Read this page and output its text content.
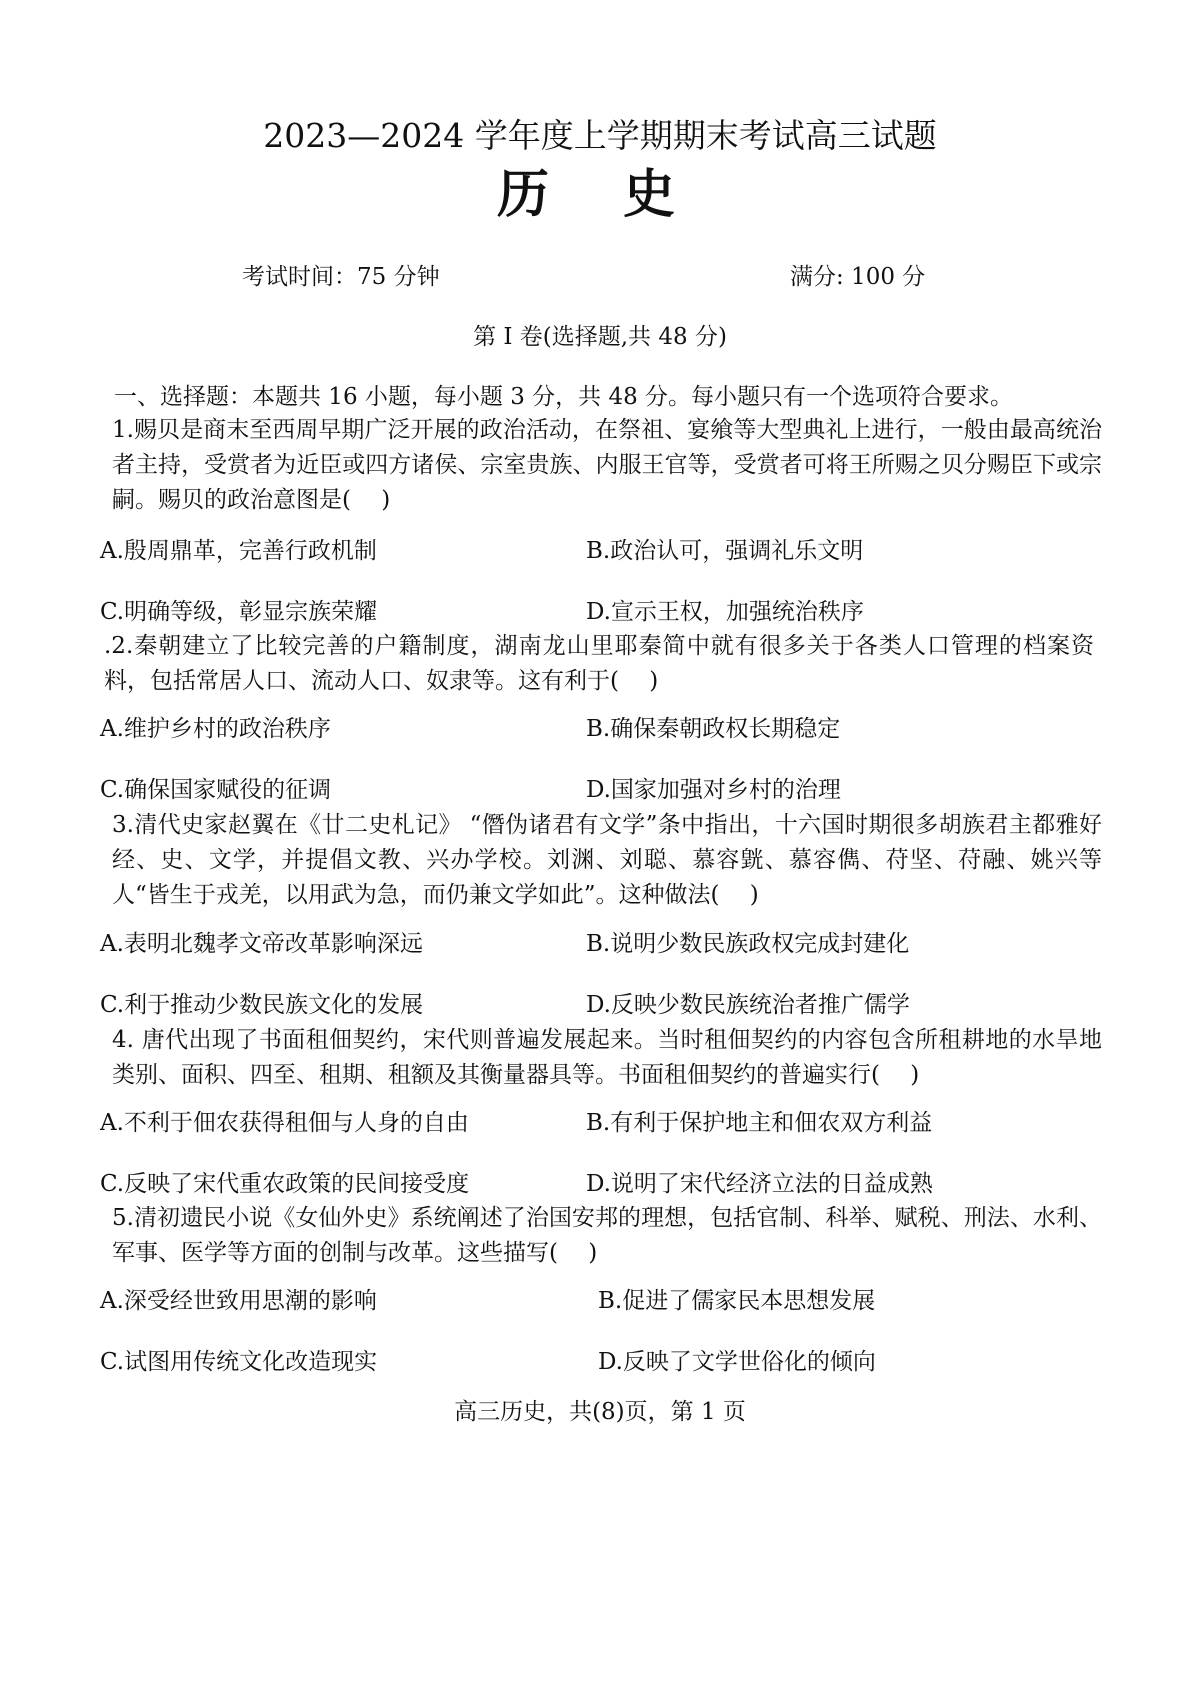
2023—2024 学年度上学期期末考试高三试题
历 史
考试时间：75 分钟	满分: 100 分
第 Ⅰ 卷(选择题,共 48 分)
一、选择题：本题共 16 小题，每小题 3 分，共 48 分。每小题只有一个选项符合要求。
1.赐贝是商末至西周早期广泛开展的政治活动，在祭祖、宴飨等大型典礼上进行，一般由最高统治者主持，受赏者为近臣或四方诸侯、宗室贵族、内服王官等，受赏者可将王所赐之贝分赐臣下或宗嗣。赐贝的政治意图是(　 )
A.殷周鼎革，完善行政机制	B.政治认可，强调礼乐文明
C.明确等级，彰显宗族荣耀	D.宣示王权，加强统治秩序
.2.秦朝建立了比较完善的户籍制度，湖南龙山里耶秦简中就有很多关于各类人口管理的档案资料，包括常居人口、流动人口、奴隶等。这有利于(　 )
A.维护乡村的政治秩序	B.确保秦朝政权长期稳定
C.确保国家赋役的征调	D.国家加强对乡村的治理
3.清代史家赵翼在《廿二史札记》 “僭伪诸君有文学”条中指出，十六国时期很多胡族君主都雅好经、史、文学，并提倡文教、兴办学校。刘渊、刘聪、慕容皝、慕容儁、苻坚、苻融、姚兴等人“皆生于戎羌，以用武为急，而仍兼文学如此”。这种做法(　 )
A.表明北魏孝文帝改革影响深远	B.说明少数民族政权完成封建化
C.利于推动少数民族文化的发展	D.反映少数民族统治者推广儒学
4. 唐代出现了书面租佃契约，宋代则普遍发展起来。当时租佃契约的内容包含所租耕地的水旱地类别、面积、四至、租期、租额及其衡量器具等。书面租佃契约的普遍实行(　 )
A.不利于佃农获得租佃与人身的自由	B.有利于保护地主和佃农双方利益
C.反映了宋代重农政策的民间接受度	D.说明了宋代经济立法的日益成熟
5.清初遗民小说《女仙外史》系统阐述了治国安邦的理想，包括官制、科举、赋税、刑法、水利、军事、医学等方面的创制与改革。这些描写(　 )
A.深受经世致用思潮的影响	B.促进了儒家民本思想发展
C.试图用传统文化改造现实	D.反映了文学世俗化的倾向
高三历史，共(8)页，第 1 页
